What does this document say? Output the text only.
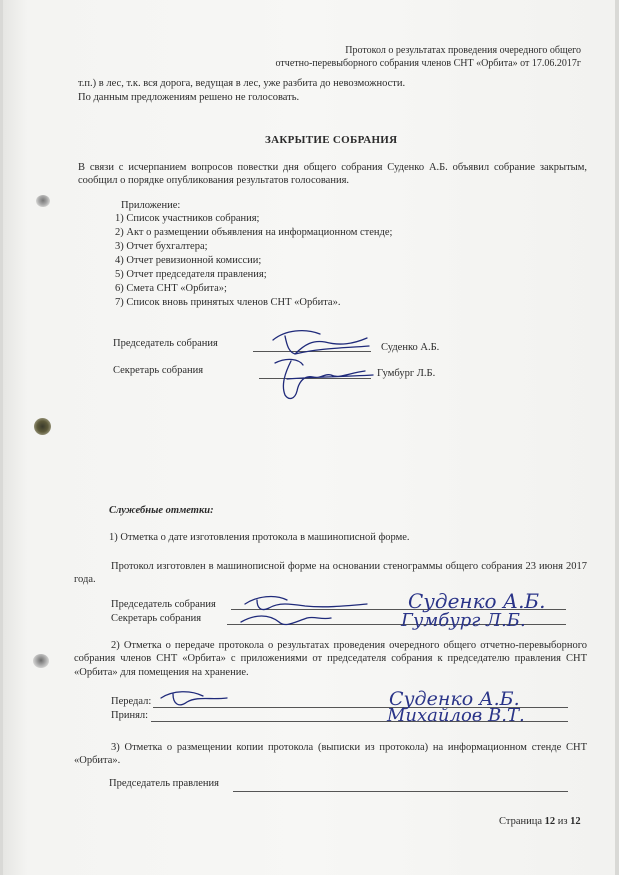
Протокол о результатах проведения очередного общего
отчетно-перевыборного собрания членов СНТ «Орбита» от 17.06.2017г
т.п.) в лес, т.к. вся дорога, ведущая в лес, уже разбита до невозможности.
По данным предложениям решено не голосовать.
ЗАКРЫТИЕ СОБРАНИЯ
В связи с исчерпанием вопросов повестки дня общего собрания Суденко А.Б. объявил собрание закрытым, сообщил о порядке опубликования результатов голосования.
Приложение:
1) Список участников собрания;
2) Акт о размещении объявления на информационном стенде;
3) Отчет бухгалтера;
4) Отчет ревизионной комиссии;
5) Отчет председателя правления;
6) Смета СНТ «Орбита»;
7) Список вновь принятых членов СНТ «Орбита».
Председатель собрания	Суденко А.Б.
Секретарь собрания	Гумбург Л.Б.
Служебные отметки:
1) Отметка о дате изготовления протокола в машинописной форме.
Протокол изготовлен в машинописной форме на основании стенограммы общего собрания 23 июня 2017 года.
Председатель собрания
Секретарь собрания
Суденко А.Б.
Гумбург Л.Б.
2) Отметка о передаче протокола о результатах проведения очередного общего отчетно-перевыборного собрания членов СНТ «Орбита» с приложениями от председателя собрания к председателю правления СНТ «Орбита» для помещения на хранение.
Передал:
Принял:
Суденко А.Б.
Михайлов В.Т.
3) Отметка о размещении копии протокола (выписки из протокола) на информационном стенде СНТ «Орбита».
Председатель правления
Страница 12 из 12
